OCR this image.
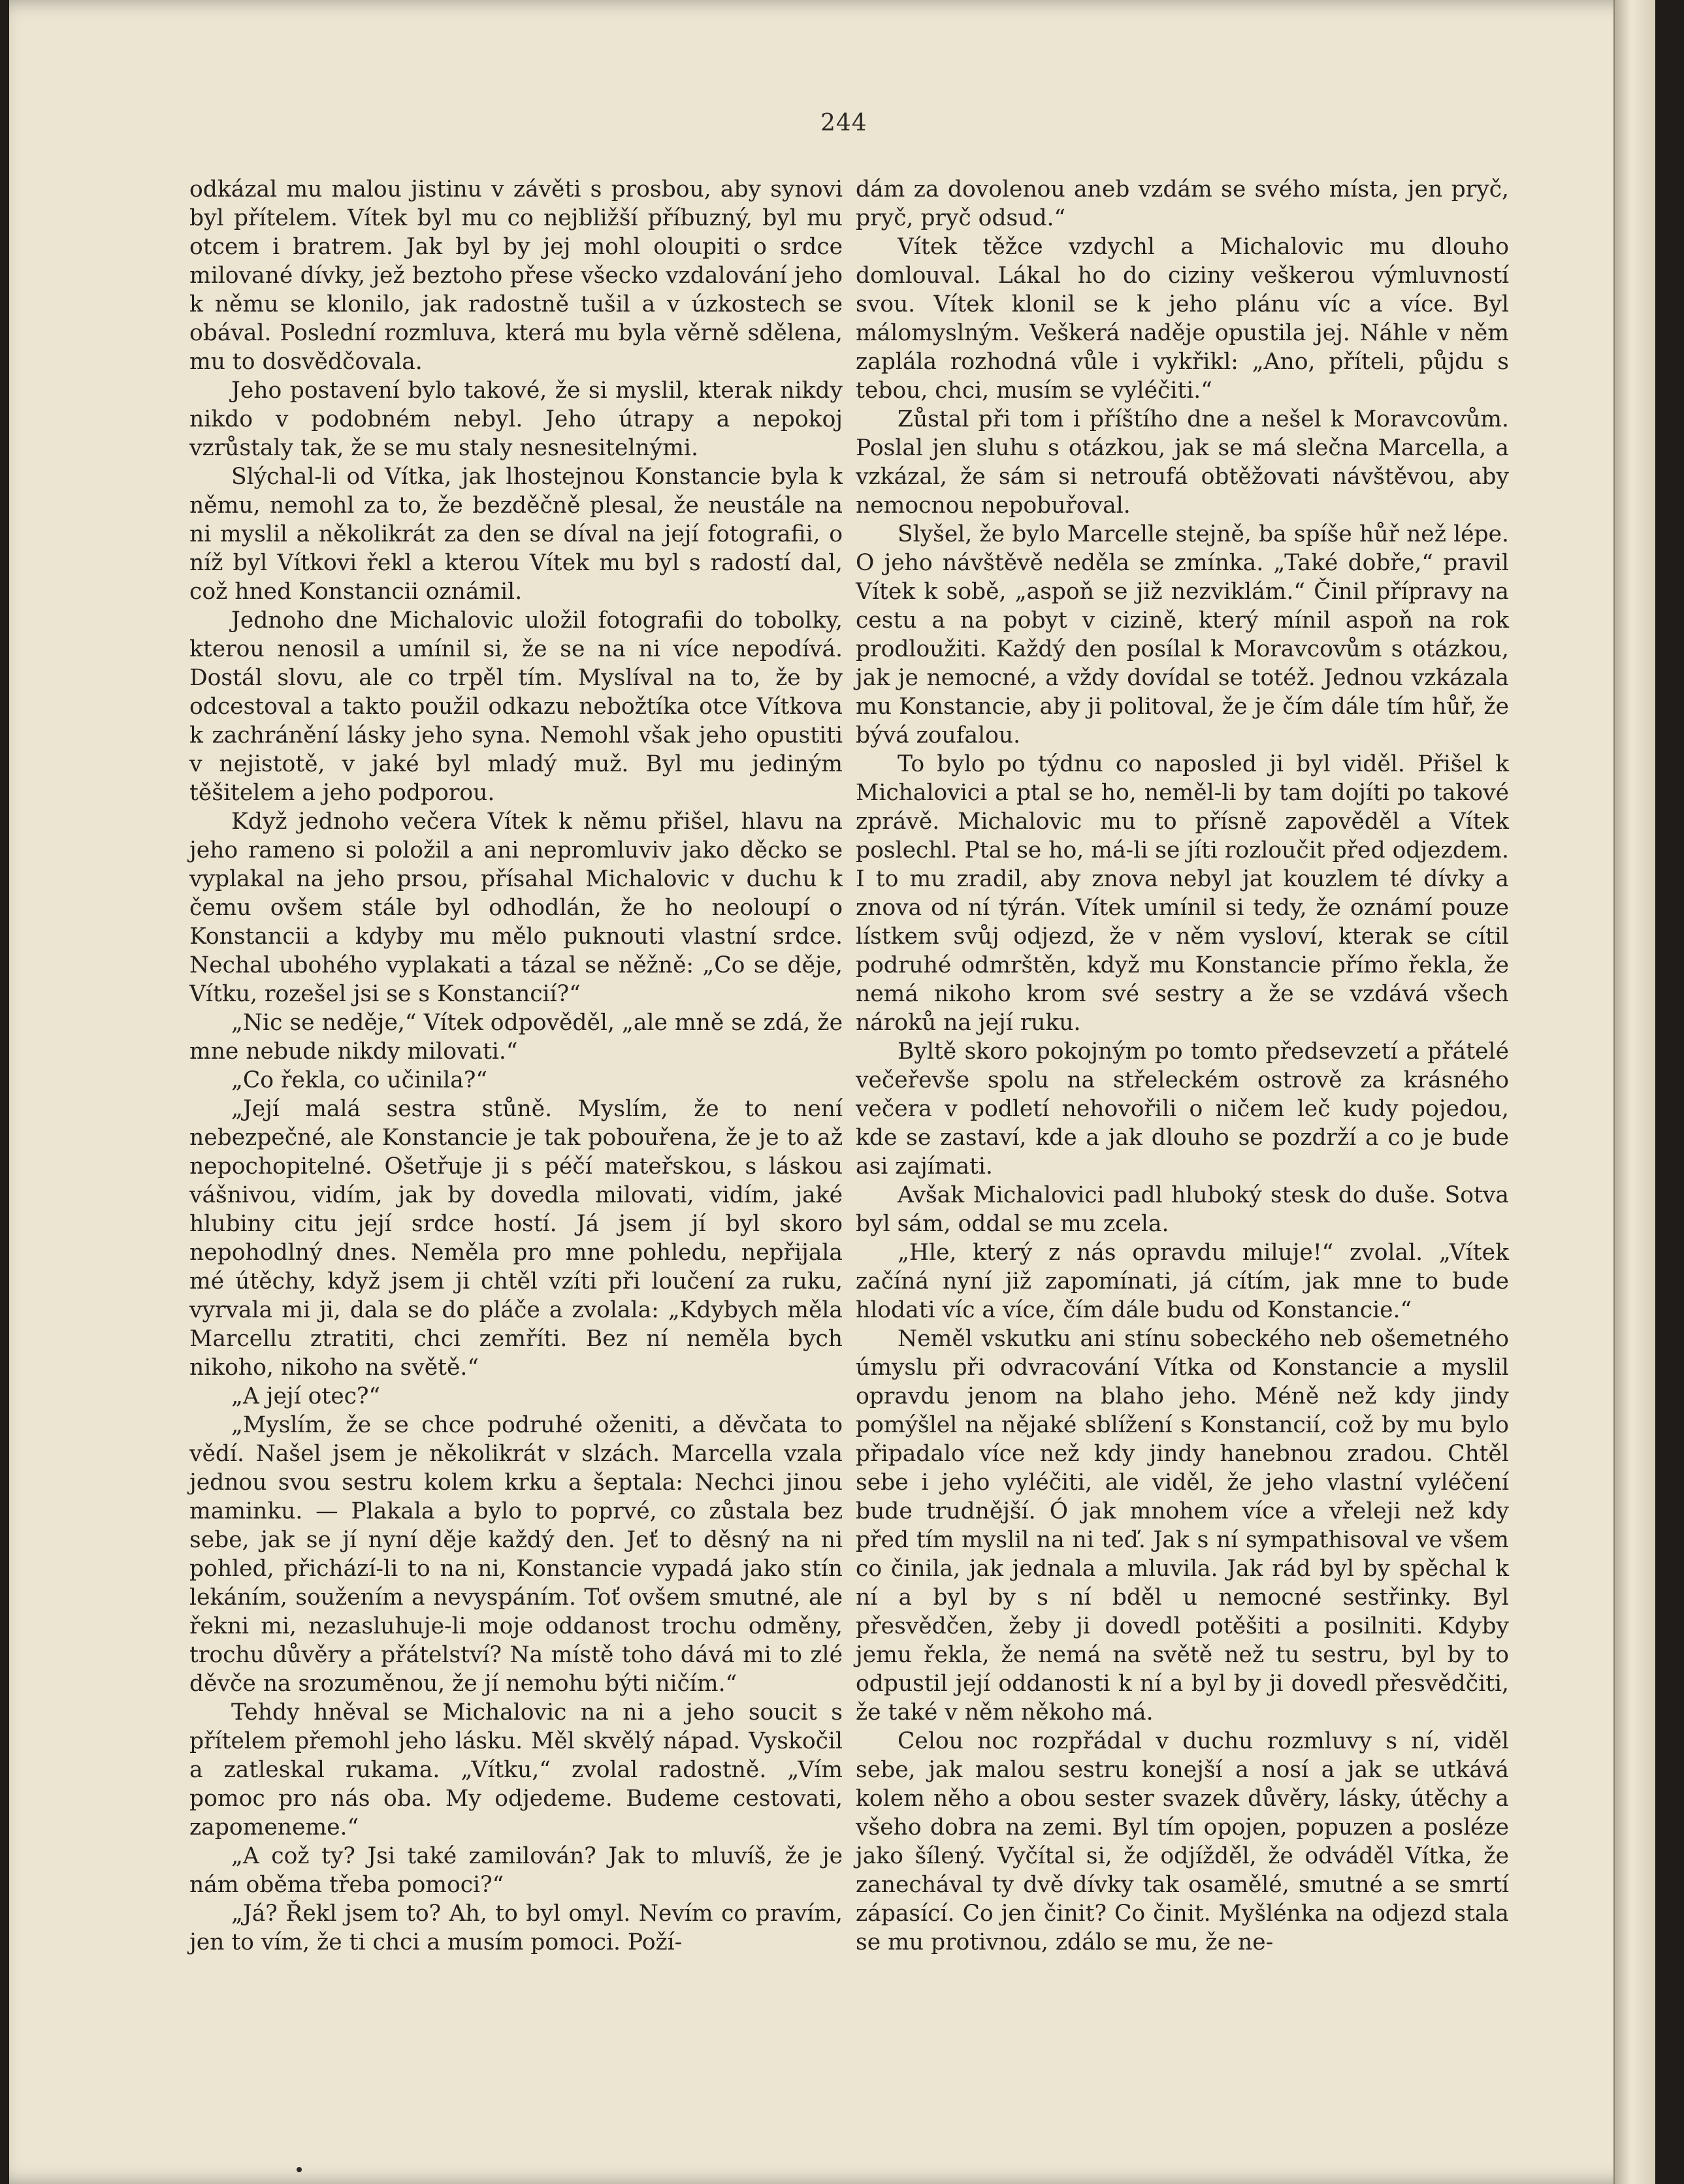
244

odkázal mu malou jistinu v závěti s prosbou, aby synovi byl přítelem. Vítek byl mu co nejbližší příbuzný, byl mu otcem i bratrem. Jak byl by jej mohl oloupiti o srdce milované dívky, jež beztoho přese všecko vzdalování jeho k němu se klonilo, jak radostně tušil a v úzkostech se obával. Poslední rozmluva, která mu byla věrně sdělena, mu to dosvědčovala.

Jeho postavení bylo takové, že si myslil, kterak nikdy nikdo v podobném nebyl. Jeho útrapy a nepokoj vzrůstaly tak, že se mu staly nesnesitelnými.

Slýchal-li od Vítka, jak lhostejnou Konstancie byla k němu, nemohl za to, že bezděčně plesal, že neustále na ni myslil a několikrát za den se díval na její fotografii, o níž byl Vítkovi řekl a kterou Vítek mu byl s radostí dal, což hned Konstancii oznámil.

Jednoho dne Michalovic uložil fotografii do tobolky, kterou nenosil a umínil si, že se na ni více nepodívá. Dostál slovu, ale co trpěl tím. Myslíval na to, že by odcestoval a takto použil odkazu nebožtíka otce Vítkova k zachránění lásky jeho syna. Nemohl však jeho opustiti v nejistotě, v jaké byl mladý muž. Byl mu jediným těšitelem a jeho podporou.

Když jednoho večera Vítek k němu přišel, hlavu na jeho rameno si položil a ani nepromluviv jako děcko se vyplakal na jeho prsou, přísahal Michalovic v duchu k čemu ovšem stále byl odhodlán, že ho neoloupí o Konstancii a kdyby mu mělo puknouti vlastní srdce. Nechal ubohého vyplakati a tázal se něžně: „Co se děje, Vítku, rozešel jsi se s Konstancií?“

„Nic se neděje,“ Vítek odpověděl, „ale mně se zdá, že mne nebude nikdy milovati.“

„Co řekla, co učinila?“

„Její malá sestra stůně. Myslím, že to není nebezpečné, ale Konstancie je tak pobouřena, že je to až nepochopitelné. Ošetřuje ji s péčí mateřskou, s láskou vášnivou, vidím, jak by dovedla milovati, vidím, jaké hlubiny citu její srdce hostí. Já jsem jí byl skoro nepohodlný dnes. Neměla pro mne pohledu, nepřijala mé útěchy, když jsem ji chtěl vzíti při loučení za ruku, vyrvala mi ji, dala se do pláče a zvolala: „Kdybych měla Marcellu ztratiti, chci zemříti. Bez ní neměla bych nikoho, nikoho na světě.“

„A její otec?“

„Myslím, že se chce podruhé oženiti, a děvčata to vědí. Našel jsem je několikrát v slzách. Marcella vzala jednou svou sestru kolem krku a šeptala: Nechci jinou maminku. — Plakala a bylo to poprvé, co zůstala bez sebe, jak se jí nyní děje každý den. Jeť to děsný na ni pohled, přichází-li to na ni, Konstancie vypadá jako stín lekáním, soužením a nevyspáním. Toť ovšem smutné, ale řekni mi, nezasluhuje-li moje oddanost trochu odměny, trochu důvěry a přátelství? Na místě toho dává mi to zlé děvče na srozuměnou, že jí nemohu býti ničím.“

Tehdy hněval se Michalovic na ni a jeho soucit s přítelem přemohl jeho lásku. Měl skvělý nápad. Vyskočil a zatleskal rukama. „Vítku,“ zvolal radostně. „Vím pomoc pro nás oba. My odjedeme. Budeme cestovati, zapomeneme.“

„A což ty? Jsi také zamilován? Jak to mluvíš, že je nám oběma třeba pomoci?“

„Já? Řekl jsem to? Ah, to byl omyl. Nevím co pravím, jen to vím, že ti chci a musím pomoci. Poží-

dám za dovolenou aneb vzdám se svého místa, jen pryč, pryč, pryč odsud.“

Vítek těžce vzdychl a Michalovic mu dlouho domlouval. Lákal ho do ciziny veškerou výmluvností svou. Vítek klonil se k jeho plánu víc a více. Byl málomyslným. Veškerá naděje opustila jej. Náhle v něm zaplála rozhodná vůle i vykřikl: „Ano, příteli, půjdu s tebou, chci, musím se vyléčiti.“

Zůstal při tom i příštího dne a nešel k Moravcovům. Poslal jen sluhu s otázkou, jak se má slečna Marcella, a vzkázal, že sám si netroufá obtěžovati návštěvou, aby nemocnou nepobuřoval.

Slyšel, že bylo Marcelle stejně, ba spíše hůř než lépe. O jeho návštěvě neděla se zmínka. „Také dobře,“ pravil Vítek k sobě, „aspoň se již nezviklám.“ Činil přípravy na cestu a na pobyt v cizině, který mínil aspoň na rok prodloužiti. Každý den posílal k Moravcovům s otázkou, jak je nemocné, a vždy dovídal se totéž. Jednou vzkázala mu Konstancie, aby ji politoval, že je čím dále tím hůř, že bývá zoufalou.

To bylo po týdnu co naposled ji byl viděl. Přišel k Michalovici a ptal se ho, neměl-li by tam dojíti po takové zprávě. Michalovic mu to přísně zapověděl a Vítek poslechl. Ptal se ho, má-li se jíti rozloučit před odjezdem. I to mu zradil, aby znova nebyl jat kouzlem té dívky a znova od ní týrán. Vítek umínil si tedy, že oznámí pouze lístkem svůj odjezd, že v něm vysloví, kterak se cítil podruhé odmrštěn, když mu Konstancie přímo řekla, že nemá nikoho krom své sestry a že se vzdává všech nároků na její ruku.

Byltě skoro pokojným po tomto předsevzetí a přátelé večeřevše spolu na střeleckém ostrově za krásného večera v podletí nehovořili o ničem leč kudy pojedou, kde se zastaví, kde a jak dlouho se pozdrží a co je bude asi zajímati.

Avšak Michalovici padl hluboký stesk do duše. Sotva byl sám, oddal se mu zcela.

„Hle, který z nás opravdu miluje!“ zvolal. „Vítek začíná nyní již zapomínati, já cítím, jak mne to bude hlodati víc a více, čím dále budu od Konstancie.“

Neměl vskutku ani stínu sobeckého neb ošemetného úmyslu při odvracování Vítka od Konstancie a myslil opravdu jenom na blaho jeho. Méně než kdy jindy pomýšlel na nějaké sblížení s Konstancií, což by mu bylo připadalo více než kdy jindy hanebnou zradou. Chtěl sebe i jeho vyléčiti, ale viděl, že jeho vlastní vyléčení bude trudnější. Ó jak mnohem více a vřeleji než kdy před tím myslil na ni teď. Jak s ní sympathisoval ve všem co činila, jak jednala a mluvila. Jak rád byl by spěchal k ní a byl by s ní bděl u nemocné sestřinky. Byl přesvědčen, žeby ji dovedl potěšiti a posilniti. Kdyby jemu řekla, že nemá na světě než tu sestru, byl by to odpustil její oddanosti k ní a byl by ji dovedl přesvědčiti, že také v něm někoho má.

Celou noc rozpřádal v duchu rozmluvy s ní, viděl sebe, jak malou sestru konejší a nosí a jak se utkává kolem něho a obou sester svazek důvěry, lásky, útěchy a všeho dobra na zemi. Byl tím opojen, popuzen a posléze jako šílený. Vyčítal si, že odjíždě́l, že odváděl Vítka, že zanechával ty dvě dívky tak osamělé, smutné a se smrtí zápasící. Co jen činit? Co činit. Myšlénka na odjezd stala se mu protivnou, zdálo se mu, že ne-
